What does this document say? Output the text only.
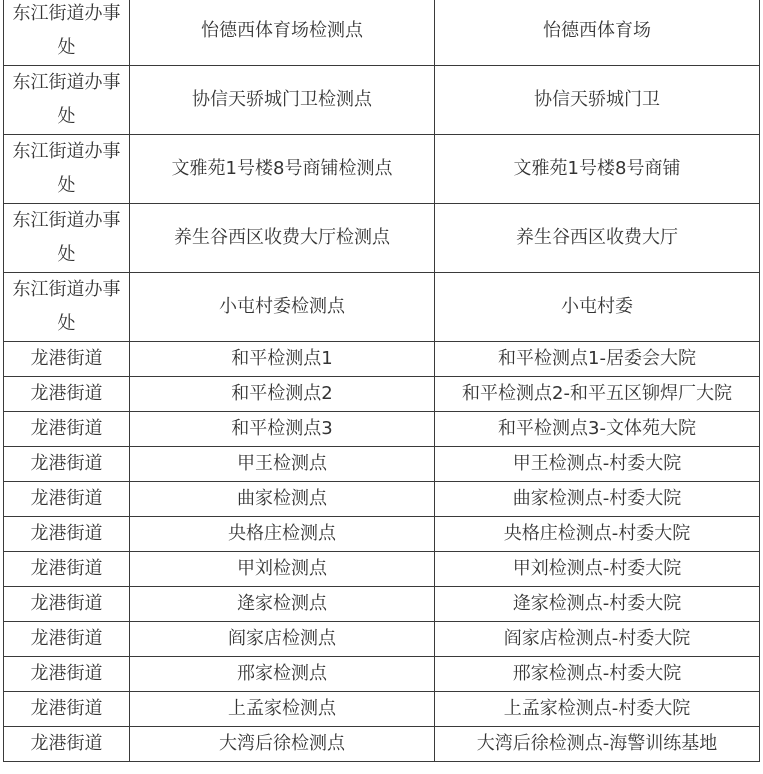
东江街道办事处	怡德西体育场检测点	怡德西体育场
东江街道办事处	协信天骄城门卫检测点	协信天骄城门卫
东江街道办事处	文雅苑1号楼8号商铺检测点	文雅苑1号楼8号商铺
东江街道办事处	养生谷西区收费大厅检测点	养生谷西区收费大厅
东江街道办事处	小屯村委检测点	小屯村委
龙港街道	和平检测点1	和平检测点1-居委会大院
龙港街道	和平检测点2	和平检测点2-和平五区铆焊厂大院
龙港街道	和平检测点3	和平检测点3-文体苑大院
龙港街道	甲王检测点	甲王检测点-村委大院
龙港街道	曲家检测点	曲家检测点-村委大院
龙港街道	央格庄检测点	央格庄检测点-村委大院
龙港街道	甲刘检测点	甲刘检测点-村委大院
龙港街道	逄家检测点	逄家检测点-村委大院
龙港街道	阎家店检测点	阎家店检测点-村委大院
龙港街道	邢家检测点	邢家检测点-村委大院
龙港街道	上孟家检测点	上孟家检测点-村委大院
龙港街道	大湾后徐检测点	大湾后徐检测点-海警训练基地
